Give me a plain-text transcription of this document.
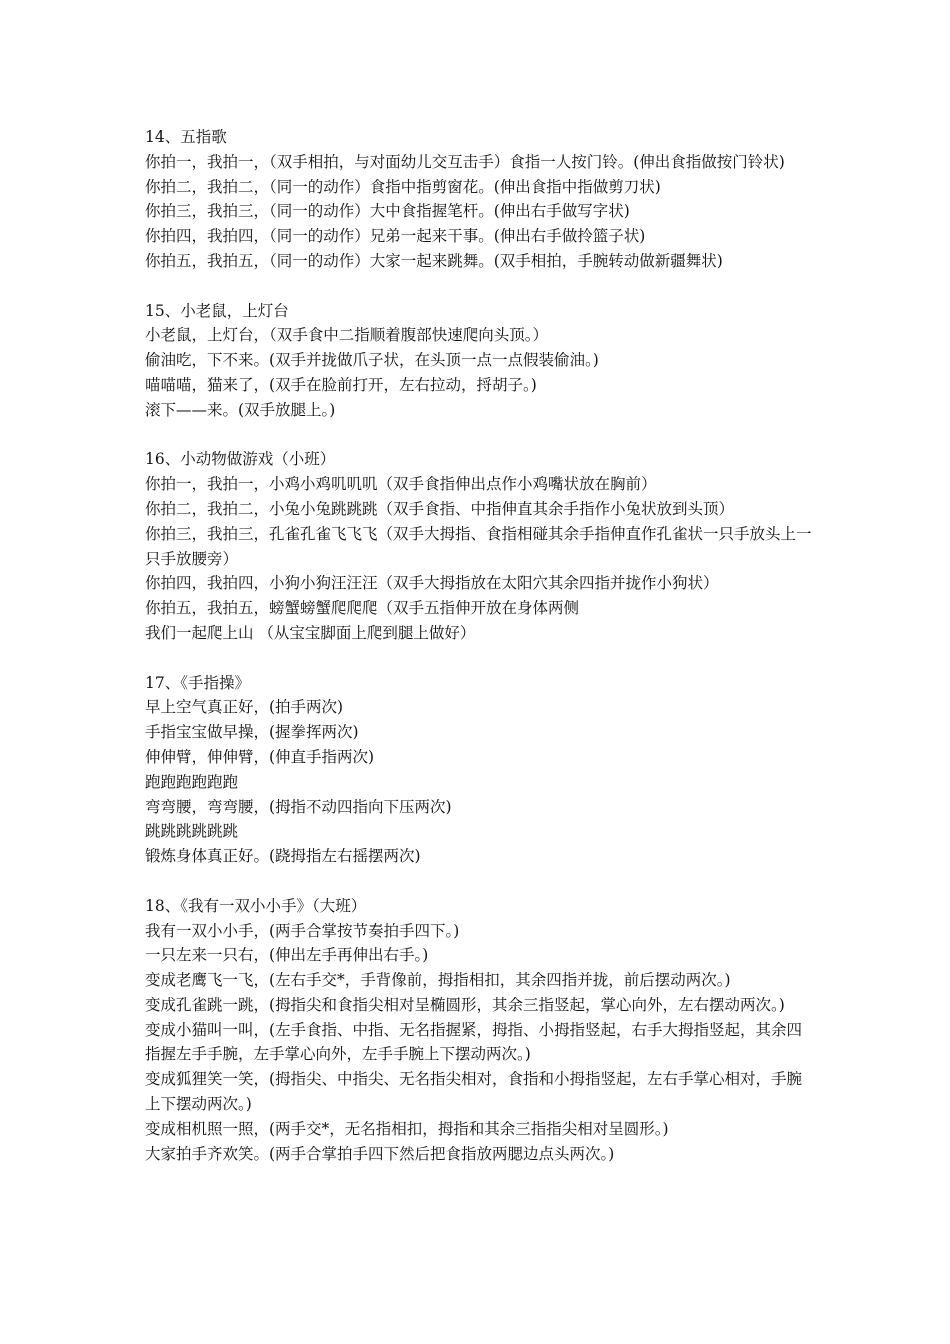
14、五指歌
你拍一，我拍一，（双手相拍，与对面幼儿交互击手）食指一人按门铃。(伸出食指做按门铃状)
你拍二，我拍二，（同一的动作）食指中指剪窗花。(伸出食指中指做剪刀状)
你拍三，我拍三，（同一的动作）大中食指握笔杆。(伸出右手做写字状)
你拍四，我拍四，（同一的动作）兄弟一起来干事。(伸出右手做拎篮子状)
你拍五，我拍五，（同一的动作）大家一起来跳舞。(双手相拍，手腕转动做新疆舞状)
15、小老鼠，上灯台
小老鼠，上灯台，（双手食中二指顺着腹部快速爬向头顶。）
偷油吃，下不来。(双手并拢做爪子状，在头顶一点一点假装偷油。)
喵喵喵，猫来了，(双手在脸前打开，左右拉动，捋胡子。)
滚下——来。(双手放腿上。)
16、小动物做游戏（小班）
你拍一，我拍一，小鸡小鸡叽叽叽（双手食指伸出点作小鸡嘴状放在胸前）
你拍二，我拍二，小兔小兔跳跳跳（双手食指、中指伸直其余手指作小兔状放到头顶）
你拍三，我拍三，孔雀孔雀飞飞飞（双手大拇指、食指相碰其余手指伸直作孔雀状一只手放头上一只手放腰旁）
你拍四，我拍四，小狗小狗汪汪汪（双手大拇指放在太阳穴其余四指并拢作小狗状）
你拍五，我拍五，螃蟹螃蟹爬爬爬（双手五指伸开放在身体两侧
我们一起爬上山 （从宝宝脚面上爬到腿上做好）
17、《手指操》
早上空气真正好，(拍手两次)
手指宝宝做早操，(握拳挥两次)
伸伸臂，伸伸臂，(伸直手指两次)
跑跑跑跑跑跑
弯弯腰，弯弯腰，(拇指不动四指向下压两次)
跳跳跳跳跳跳
锻炼身体真正好。(跷拇指左右摇摆两次)
18、《我有一双小小手》（大班）
我有一双小小手，(两手合掌按节奏拍手四下。)
一只左来一只右，(伸出左手再伸出右手。)
变成老鹰飞一飞，(左右手交*，手背像前，拇指相扣，其余四指并拢，前后摆动两次。)
变成孔雀跳一跳，(拇指尖和食指尖相对呈椭圆形，其余三指竖起，掌心向外，左右摆动两次。)
变成小猫叫一叫，(左手食指、中指、无名指握紧，拇指、小拇指竖起，右手大拇指竖起，其余四指握左手手腕，左手掌心向外，左手手腕上下摆动两次。)
变成狐狸笑一笑，(拇指尖、中指尖、无名指尖相对，食指和小拇指竖起，左右手掌心相对，手腕上下摆动两次。)
变成相机照一照，(两手交*，无名指相扣，拇指和其余三指指尖相对呈圆形。)
大家拍手齐欢笑。(两手合掌拍手四下然后把食指放两腮边点头两次。)
